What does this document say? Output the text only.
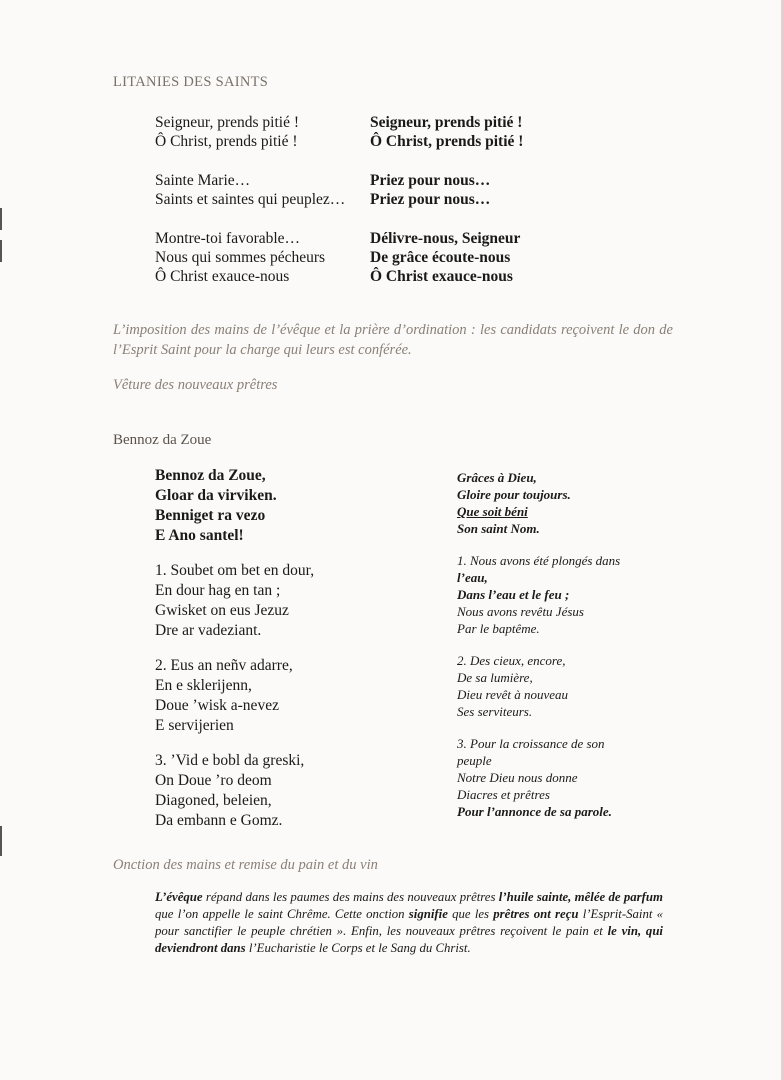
LITANIES DES SAINTS
Seigneur, prends pitié !	Seigneur, prends pitié !
Ô Christ, prends pitié !	Ô Christ, prends pitié !
Sainte Marie…	Priez pour nous…
Saints et saintes qui peuplez…	Priez pour nous…
Montre-toi favorable…	Délivre-nous, Seigneur
Nous qui sommes pécheurs	De grâce écoute-nous
Ô Christ exauce-nous	Ô Christ exauce-nous
L’imposition des mains de l’évêque et la prière d’ordination : les candidats reçoivent le don de l’Esprit Saint pour la charge qui leurs est conférée.
Vêture des nouveaux prêtres
Bennoz da Zoue
Bennoz da Zoue,
Gloar da virviken.
Benniget ra vezo
E Ano santel!
1. Soubet om bet en dour,
En dour hag en tan ;
Gwisket on eus Jezuz
Dre ar vadeziant.
2. Eus an neñv adarre,
En e sklerijenn,
Doue ’wisk a-nevez
E servijerien
3. ’Vid e bobl da greski,
On Doue ’ro deom
Diagoned, beleien,
Da embann e Gomz.
Grâces à Dieu,
Gloire pour toujours.
Que soit béni
Son saint Nom.
1. Nous avons été plongés dans
l’eau,
Dans l’eau et le feu ;
Nous avons revêtu Jésus
Par le baptême.
2. Des cieux, encore,
De sa lumière,
Dieu revêt à nouveau
Ses serviteurs.
3. Pour la croissance de son
peuple
Notre Dieu nous donne
Diacres et prêtres
Pour l’annonce de sa parole.
Onction des mains et remise du pain et du vin
L’évêque répand dans les paumes des mains des nouveaux prêtres l’huile sainte, mêlée de parfum que l’on appelle le saint Chrême. Cette onction signifie que les prêtres ont reçu l’Esprit-Saint « pour sanctifier le peuple chrétien ». Enfin, les nouveaux prêtres reçoivent le pain et le vin, qui deviendront dans l’Eucharistie le Corps et le Sang du Christ.
